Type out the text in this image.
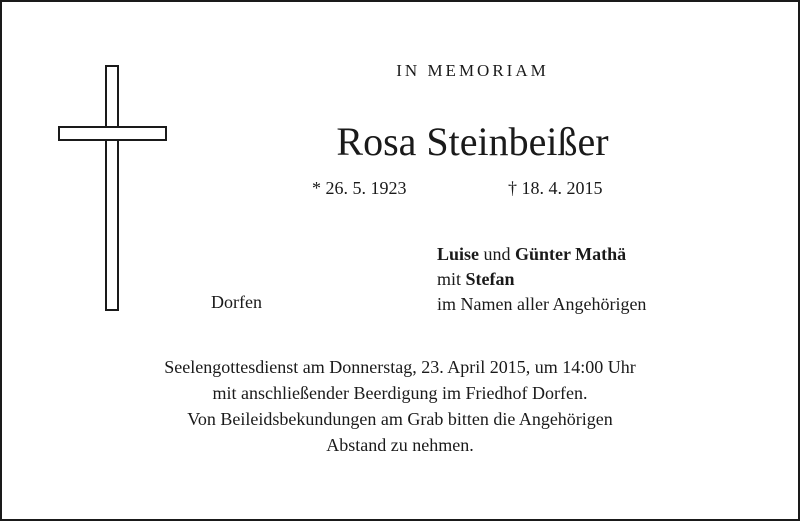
IN MEMORIAM
Rosa Steinbeißer
* 26. 5. 1923	† 18. 4. 2015
Luise und Günter Mathä
mit Stefan
im Namen aller Angehörigen
Dorfen
Seelengottesdienst am Donnerstag, 23. April 2015, um 14:00 Uhr
mit anschließender Beerdigung im Friedhof Dorfen.
Von Beileidsbekundungen am Grab bitten die Angehörigen
Abstand zu nehmen.
